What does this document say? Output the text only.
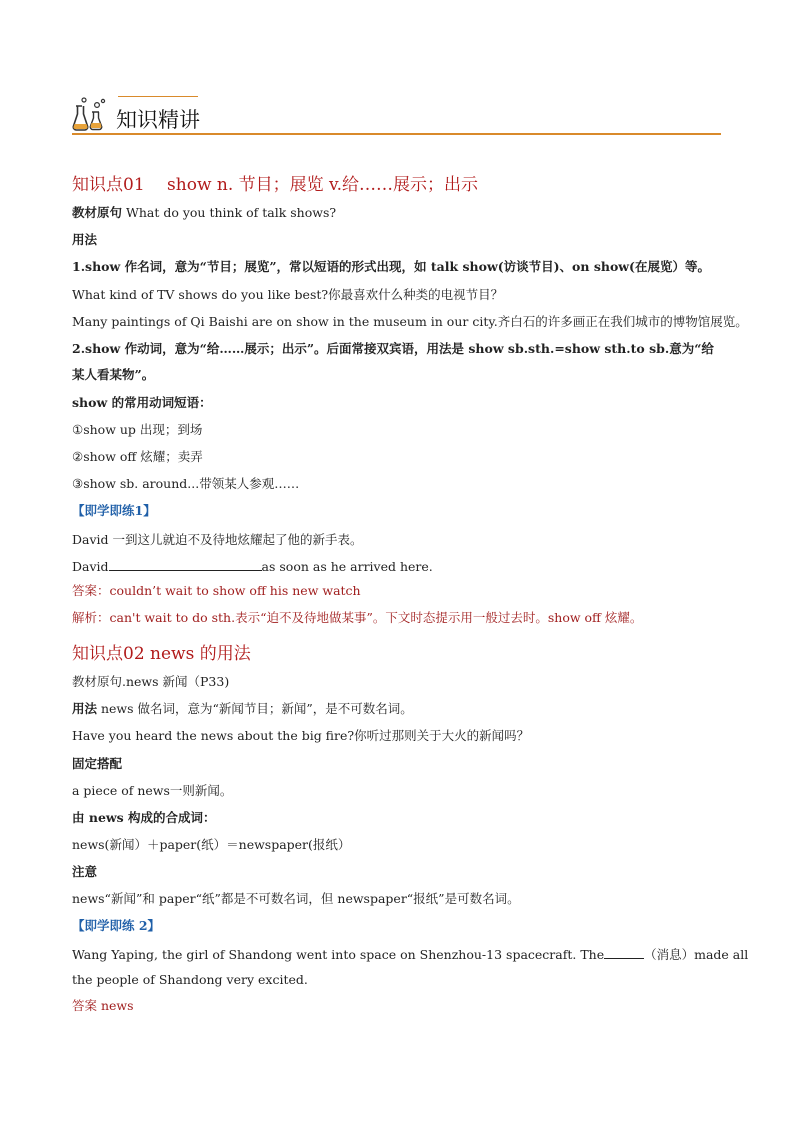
知识精讲
知识点01　 show n. 节目；展览 v.给……展示；出示
教材原句 What do you think of talk shows?
用法
1.show 作名词，意为“节目；展览”，常以短语的形式出现，如 talk show(访谈节目)、on show(在展览）等。
What kind of TV shows do you like best?你最喜欢什么种类的电视节目？
Many paintings of Qi Baishi are on show in the museum in our city.齐白石的许多画正在我们城市的博物馆展览。
2.show 作动词，意为“给……展示；出示”。后面常接双宾语，用法是 show sb.sth.=show sth.to sb.意为“给
某人看某物”。
show 的常用动词短语：
①show up 出现；到场
②show off 炫耀；卖弄
③show sb. around...带领某人参观……
【即学即练1】
David 一到这儿就迫不及待地炫耀起了他的新手表。
David	as soon as he arrived here.
答案：couldn’t wait to show off his new watch
解析：can't wait to do sth.表示“迫不及待地做某事”。下文时态提示用一般过去时。show off 炫耀。
知识点02 news 的用法
教材原句.news 新闻（P33)
用法 news 做名词，意为“新闻节目；新闻”，是不可数名词。
Have you heard the news about the big fire?你听过那则关于大火的新闻吗？
固定搭配
a piece of news一则新闻。
由 news 构成的合成词：
news(新闻）＋paper(纸）＝newspaper(报纸）
注意
news“新闻”和 paper“纸”都是不可数名词，但 newspaper“报纸”是可数名词。
【即学即练 2】
Wang Yaping, the girl of Shandong went into space on Shenzhou-13 spacecraft. The	（消息）made all
the people of Shandong very excited.
答案 news
